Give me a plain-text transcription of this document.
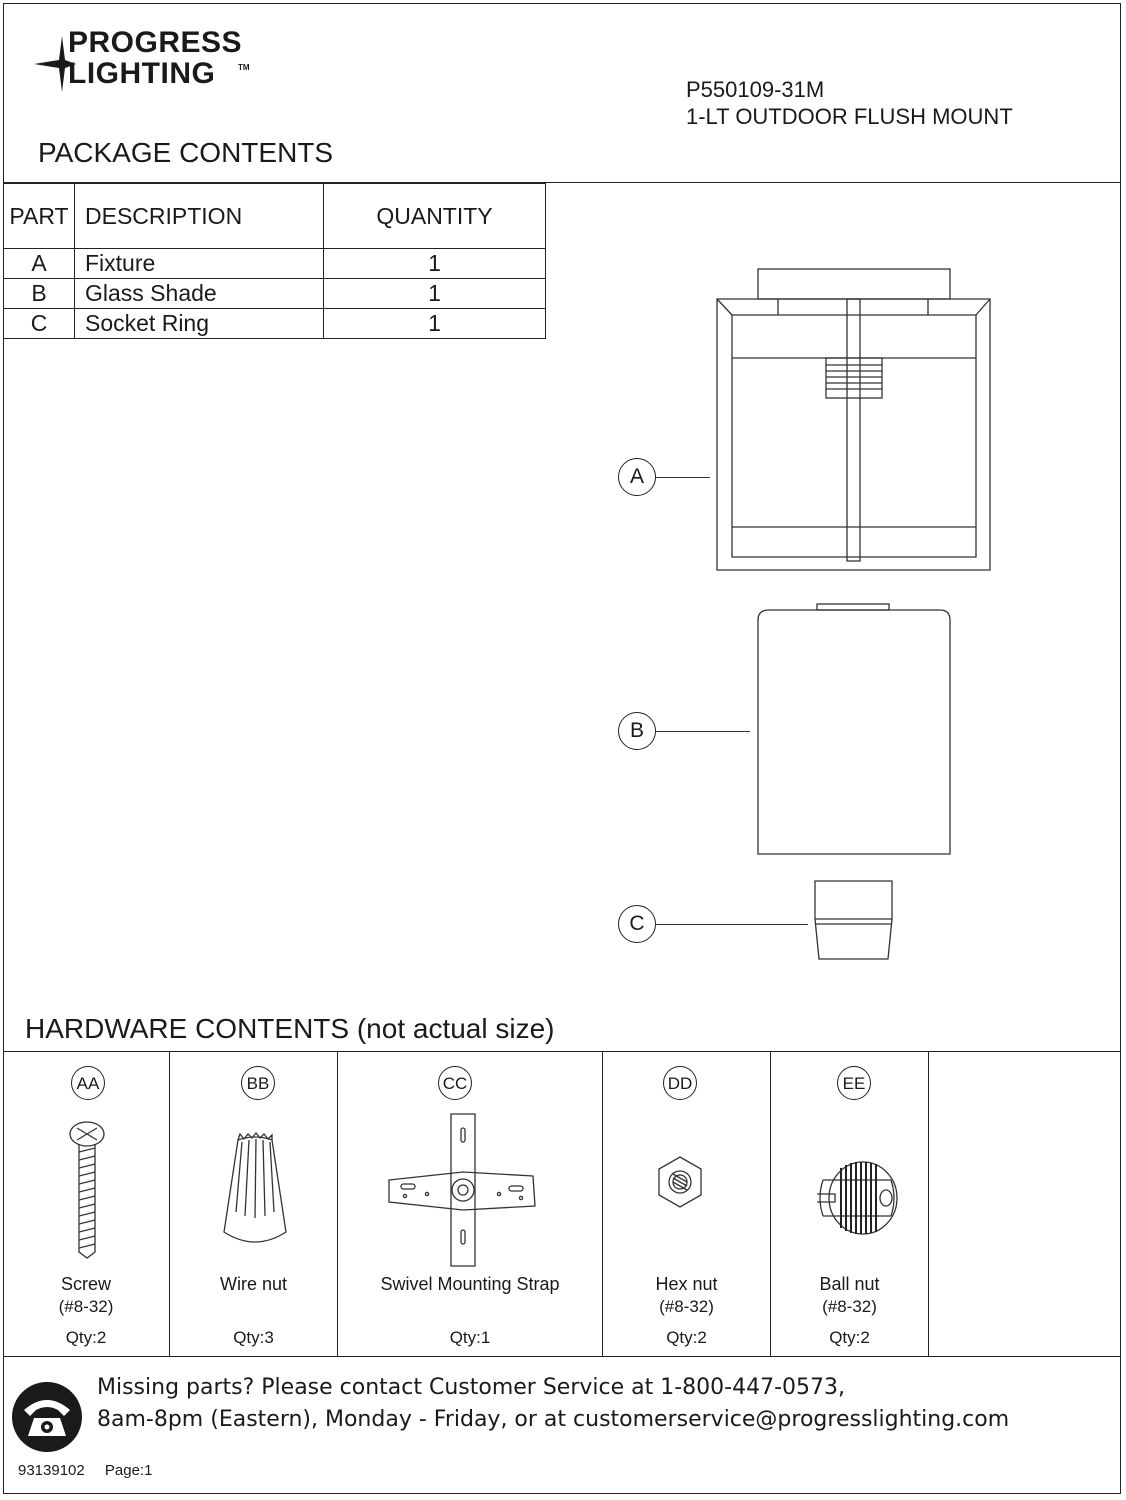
PROGRESS
LIGHTING	TM
P550109-31M
1-LT OUTDOOR FLUSH MOUNT
PACKAGE CONTENTS
PART	DESCRIPTION	QUANTITY
A	Fixture	1
B	Glass Shade	1
C	Socket Ring	1
A
B
C
HARDWARE CONTENTS (not actual size)
AA
Screw
(#8-32)
Qty:2
BB
Wire nut
Qty:3
CC
Swivel Mounting Strap
Qty:1
DD
Hex nut
(#8-32)
Qty:2
EE
Ball nut
(#8-32)
Qty:2
Missing parts? Please contact Customer Service at 1-800-447-0573,
8am-8pm (Eastern), Monday - Friday, or at customerservice@progresslighting.com
93139102 Page:1
